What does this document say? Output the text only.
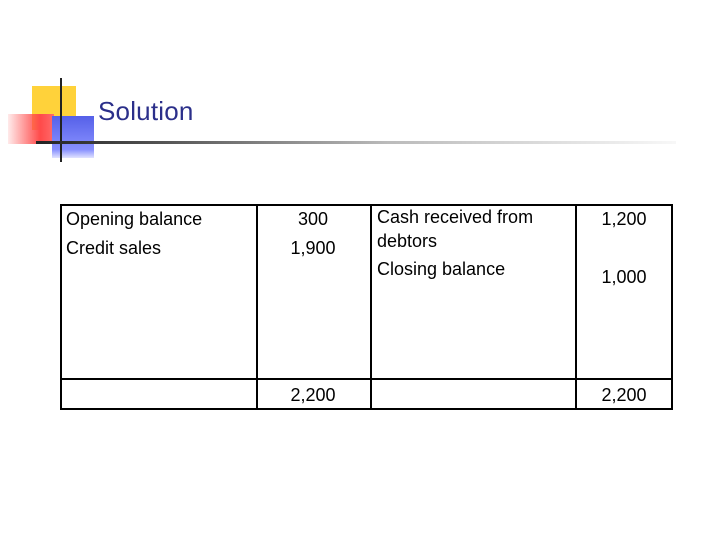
Solution
Opening balance
Credit sales
300
1,900
Cash received from
debtors
Closing balance
1,200
1,000
2,200	2,200
